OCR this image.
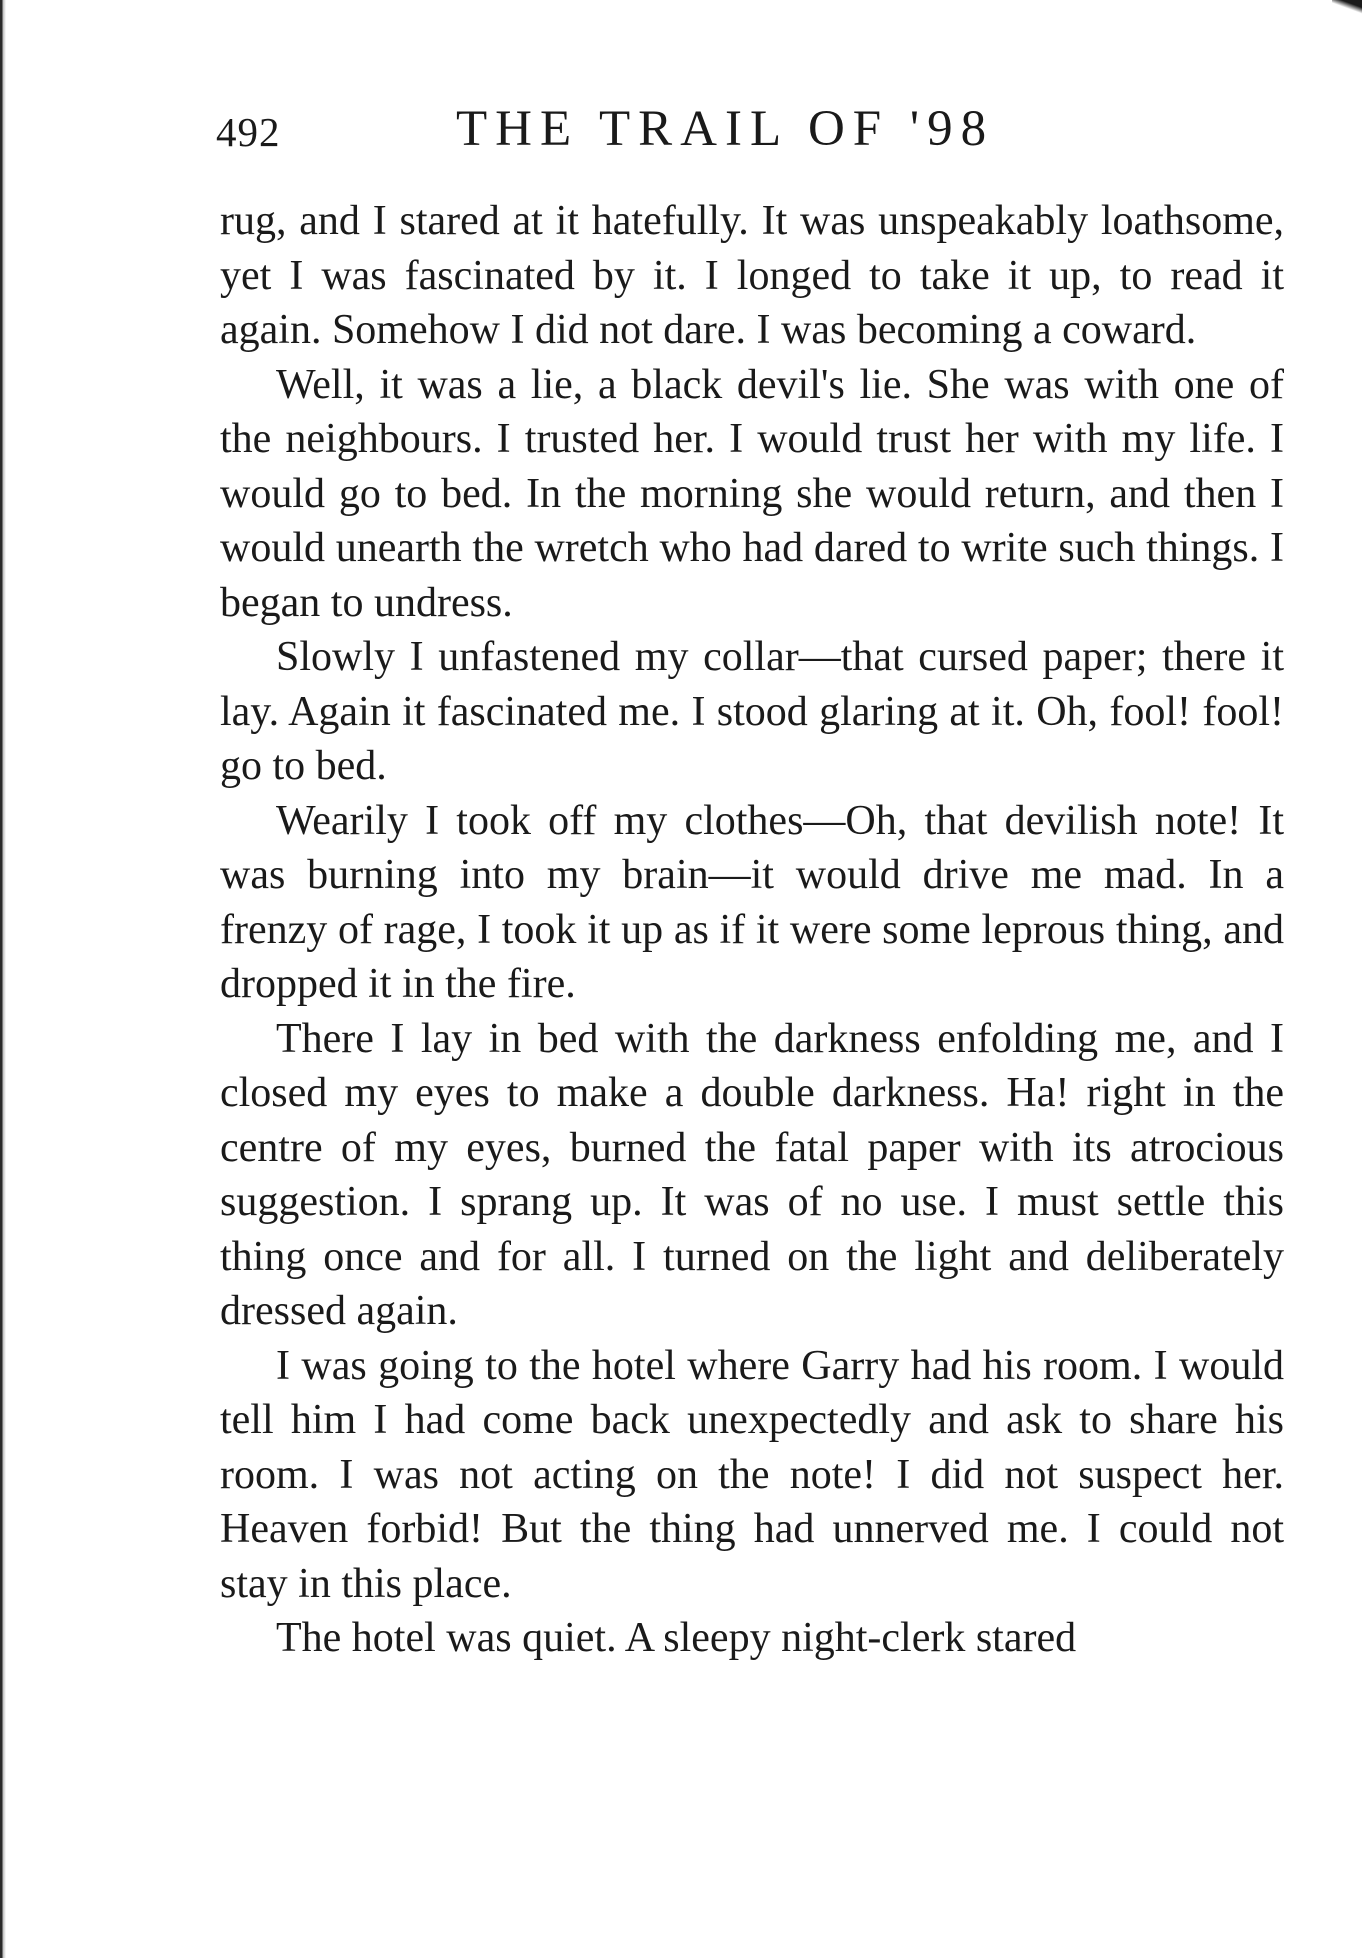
492	THE TRAIL OF '98

rug, and I stared at it hatefully. It was unspeakably loathsome, yet I was fascinated by it. I longed to take it up, to read it again. Somehow I did not dare. I was becoming a coward.

Well, it was a lie, a black devil's lie. She was with one of the neighbours. I trusted her. I would trust her with my life. I would go to bed. In the morning she would return, and then I would unearth the wretch who had dared to write such things. I began to undress.

Slowly I unfastened my collar—that cursed paper; there it lay. Again it fascinated me. I stood glaring at it. Oh, fool! fool! go to bed.

Wearily I took off my clothes—Oh, that devilish note! It was burning into my brain—it would drive me mad. In a frenzy of rage, I took it up as if it were some leprous thing, and dropped it in the fire.

There I lay in bed with the darkness enfolding me, and I closed my eyes to make a double darkness. Ha! right in the centre of my eyes, burned the fatal paper with its atrocious suggestion. I sprang up. It was of no use. I must settle this thing once and for all. I turned on the light and deliberately dressed again.

I was going to the hotel where Garry had his room. I would tell him I had come back unexpectedly and ask to share his room. I was not acting on the note! I did not suspect her. Heaven forbid! But the thing had unnerved me. I could not stay in this place.

The hotel was quiet. A sleepy night-clerk stared
